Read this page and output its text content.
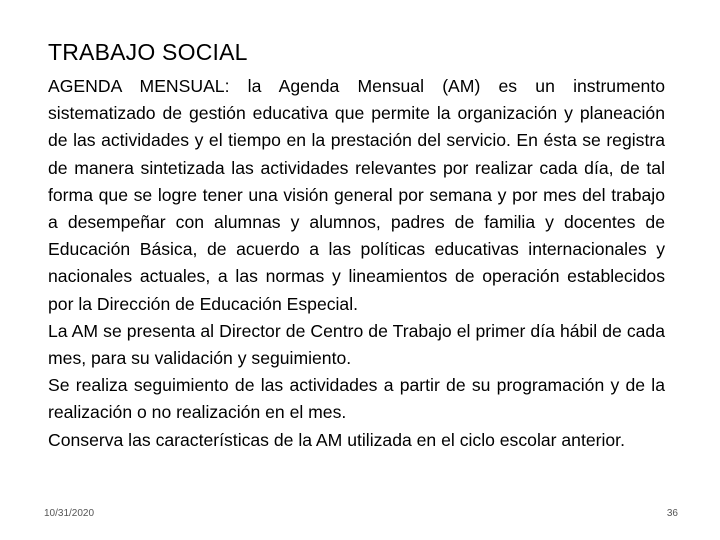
TRABAJO SOCIAL

AGENDA MENSUAL: la Agenda Mensual (AM) es un instrumento sistematizado de gestión educativa que permite la organización y planeación de las actividades y el tiempo en la prestación del servicio. En ésta se registra de manera sintetizada las actividades relevantes por realizar cada día, de tal forma que se logre tener una visión general por semana y por mes del trabajo a desempeñar con alumnas y alumnos, padres de familia y docentes de Educación Básica, de acuerdo a las políticas educativas internacionales y nacionales actuales, a las normas y lineamientos de operación establecidos por la Dirección de Educación Especial.

La AM se presenta al Director de Centro de Trabajo el primer día hábil de cada mes, para su validación y seguimiento.

Se realiza seguimiento de las actividades a partir de su programación y de la realización o no realización en el mes.

Conserva las características de la AM utilizada en el ciclo escolar anterior.

10/31/2020	36
